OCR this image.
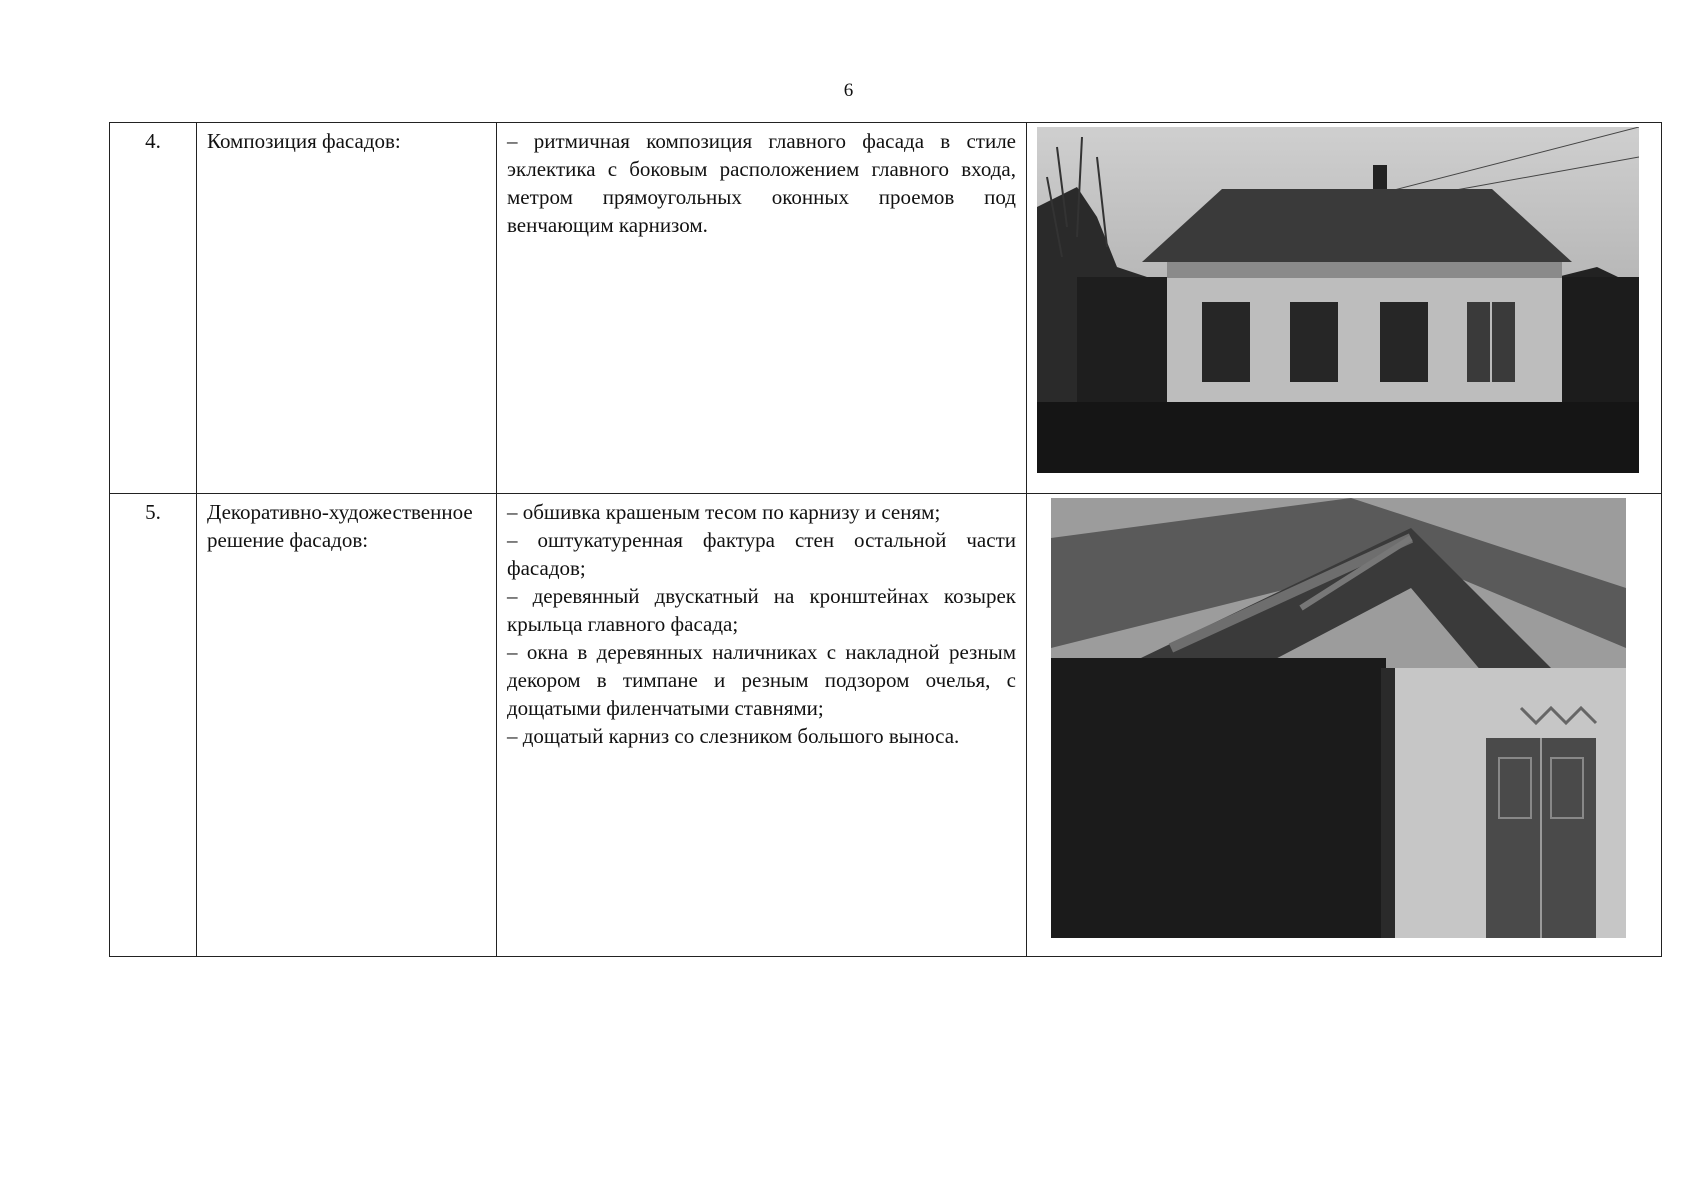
6
4.	Композиция фасадов:	– ритмичная композиция главного фасада в стиле эклектика с боковым расположением главного входа, метром прямоугольных оконных проемов под венчающим карнизом.

5.	Декоративно-художественное решение фасадов:	– обшивка крашеным тесом по карнизу и сеням;
– оштукатуренная фактура стен остальной части фасадов;
– деревянный двускатный на кронштейнах козырек крыльца главного фасада;
– окна в деревянных наличниках с накладной резным декором в тимпане и резным подзором очелья, с дощатыми филенчатыми ставнями;
– дощатый карниз со слезником большого выноса.
